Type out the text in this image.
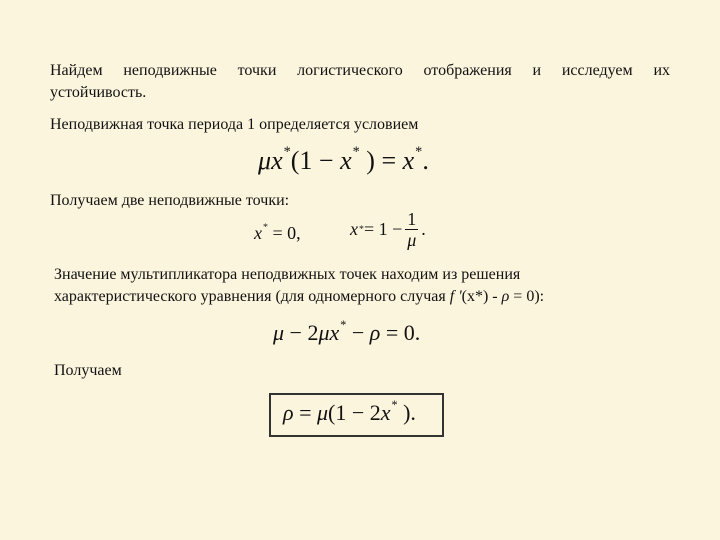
Найдем неподвижные точки логистического отображения и исследуем их

устойчивость.

Неподвижная точка периода 1 определяется условием

μx*(1 − x* ) = x*.

Получаем две неподвижные точки:

x* = 0,	x * = $1 - \frac{1}{\mu}$ .

Значение мультипликатора неподвижных точек находим из решения

характеристического уравнения (для одномерного случая f '(x*) - ρ = 0):

μ − 2μx* − ρ = 0.

Получаем

ρ = μ(1 − 2x* ).
